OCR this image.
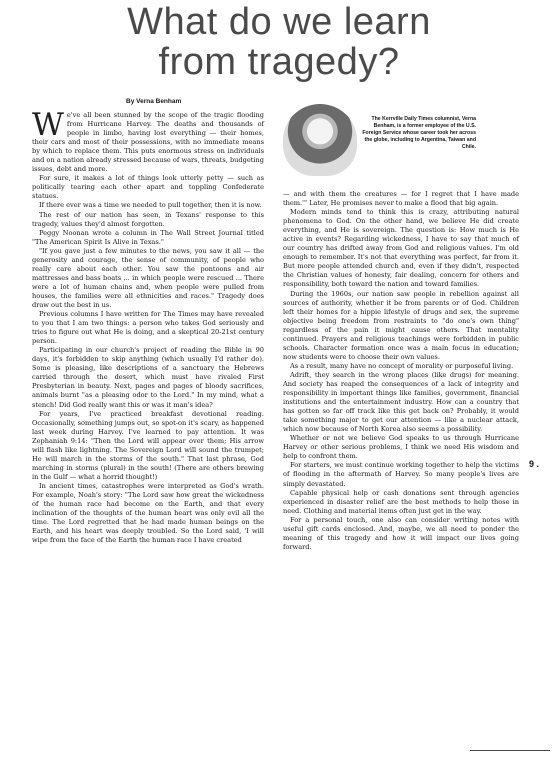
What do we learn
from tragedy?
By Verna Benham
W e've all been stunned by the scope of the tragic flooding from Hurricane Harvey. The deaths and thousands of people in limbo, having lost everything — their homes, their cars and most of their possessions, with no immediate means by which to replace them. This puts enormous stress on individuals and on a nation already stressed because of wars, threats, budgeting issues, debt and more.

For sure, it makes a lot of things look utterly petty — such as politically tearing each other apart and toppling Confederate statues.

If there ever was a time we needed to pull together, then it is now.

The rest of our nation has seen, in Texans' response to this tragedy, values they'd almost forgotten.

Peggy Noonan wrote a column in The Wall Street Journal titled "The American Spirit Is Alive in Texas."

"If you gave just a few minutes to the news, you saw it all — the generosity and courage, the sense of community, of people who really care about each other. You saw the pontoons and air mattresses and bass boats ... in which people were rescued ... There were a lot of human chains and, when people were pulled from houses, the families were all ethnicities and races." Tragedy does draw out the best in us.

Previous columns I have written for The Times may have revealed to you that I am two things: a person who takes God seriously and tries to figure out what He is doing, and a skeptical 20-21st century person.

Participating in our church's project of reading the Bible in 90 days, it's forbidden to skip anything (which usually I'd rather do). Some is pleasing, like descriptions of a sanctuary the Hebrews carried through the desert, which must have rivaled First Presbyterian in beauty. Next, pages and pages of bloody sacrifices, animals burnt "as a pleasing odor to the Lord." In my mind, what a stench! Did God really want this or was it man's idea?

For years, I've practiced breakfast devotional reading. Occasionally, something jumps out, so spot-on it's scary, as happened last week during Harvey. I've learned to pay attention. It was Zephaniah 9:14: "Then the Lord will appear over them; His arrow will flash like lightning. The Sovereign Lord will sound the trumpet; He will march in the storms of the south." That last phrase, God marching in storms (plural) in the south! (There are others brewing in the Gulf — what a horrid thought!)

In ancient times, catastrophes were interpreted as God's wrath. For example, Noah's story: "The Lord saw how great the wickedness of the human race had become on the Earth, and that every inclination of the thoughts of the human heart was only evil all the time. The Lord regretted that he had made human beings on the Earth, and his heart was deeply troubled. So the Lord said, 'I will wipe from the face of the Earth the human race I have created

The Kerrville Daily Times columnist, Verna Benham, is a former employee of the U.S. Foreign Service whose career took her across the globe, including to Argentina, Taiwan and Chile.

— and with them the creatures — for I regret that I have made them.'" Later, He promises never to make a flood that big again.

Modern minds tend to think this is crazy, attributing natural phenomena to God. On the other hand, we believe He did create everything, and He is sovereign. The question is: How much is He active in events? Regarding wickedness, I have to say that much of our country has drifted away from God and religious values. I'm old enough to remember. It's not that everything was perfect, far from it. But more people attended church and, even if they didn't, respected the Christian values of honesty, fair dealing, concern for others and responsibility, both toward the nation and toward families.

During the 1960s, our nation saw people in rebellion against all sources of authority, whether it be from parents or of God. Children left their homes for a hippie lifestyle of drugs and sex, the supreme objective being freedom from restraints to "do one's own thing" regardless of the pain it might cause others. That mentality continued. Prayers and religious teachings were forbidden in public schools. Character formation once was a main focus in education; now students were to choose their own values.

As a result, many have no concept of morality or purposeful living.

Adrift, they search in the wrong places (like drugs) for meaning. And society has reaped the consequences of a lack of integrity and responsibility in important things like families, government, financial institutions and the entertainment industry. How can a country that has gotten so far off track like this get back on? Probably, it would take something major to get our attention — like a nuclear attack, which now because of North Korea also seems a possibility.

Whether or not we believe God speaks to us through Hurricane Harvey or other serious problems, I think we need His wisdom and help to confront them.

For starters, we must continue working together to help the victims of flooding in the aftermath of Harvey. So many people's lives are simply devastated.

Capable physical help or cash donations sent through agencies experienced in disaster relief are the best methods to help those in need. Clothing and material items often just get in the way.

For a personal touch, one also can consider writing notes with useful gift cards enclosed. And, maybe, we all need to ponder the meaning of this tragedy and how it will impact our lives going forward.

9 .
